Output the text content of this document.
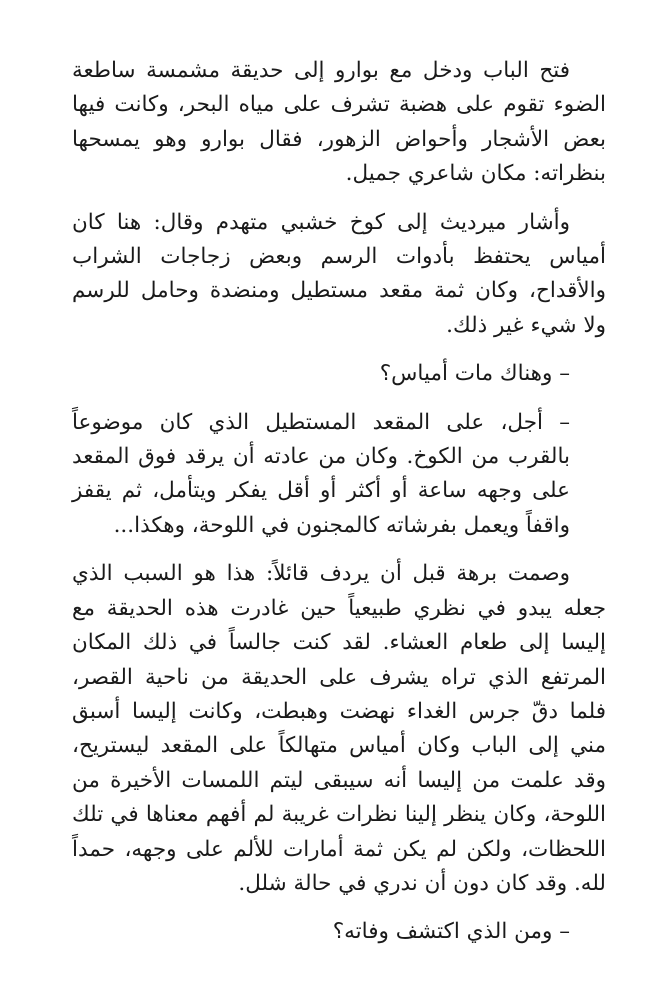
فتح الباب ودخل مع بوارو إلى حديقة مشمسة ساطعة الضوء تقوم على هضبة تشرف على مياه البحر، وكانت فيها بعض الأشجار وأحواض الزهور، فقال بوارو وهو يمسحها بنظراته: مكان شاعري جميل.

وأشار ميرديث إلى كوخ خشبي متهدم وقال: هنا كان أمياس يحتفظ بأدوات الرسم وبعض زجاجات الشراب والأقداح، وكان ثمة مقعد مستطيل ومنضدة وحامل للرسم ولا شيء غير ذلك.

– وهناك مات أمياس؟

– أجل، على المقعد المستطيل الذي كان موضوعاً بالقرب من الكوخ. وكان من عادته أن يرقد فوق المقعد على وجهه ساعة أو أكثر أو أقل يفكر ويتأمل، ثم يقفز واقفاً ويعمل بفرشاته كالمجنون في اللوحة، وهكذا...

وصمت برهة قبل أن يردف قائلاً: هذا هو السبب الذي جعله يبدو في نظري طبيعياً حين غادرت هذه الحديقة مع إليسا إلى طعام العشاء. لقد كنت جالساً في ذلك المكان المرتفع الذي تراه يشرف على الحديقة من ناحية القصر، فلما دقّ جرس الغداء نهضت وهبطت، وكانت إليسا أسبق مني إلى الباب وكان أمياس متهالكاً على المقعد ليستريح، وقد علمت من إليسا أنه سيبقى ليتم اللمسات الأخيرة من اللوحة، وكان ينظر إلينا نظرات غريبة لم أفهم معناها في تلك اللحظات، ولكن لم يكن ثمة أمارات للألم على وجهه، حمداً لله. وقد كان دون أن ندري في حالة شلل.

– ومن الذي اكتشف وفاته؟
